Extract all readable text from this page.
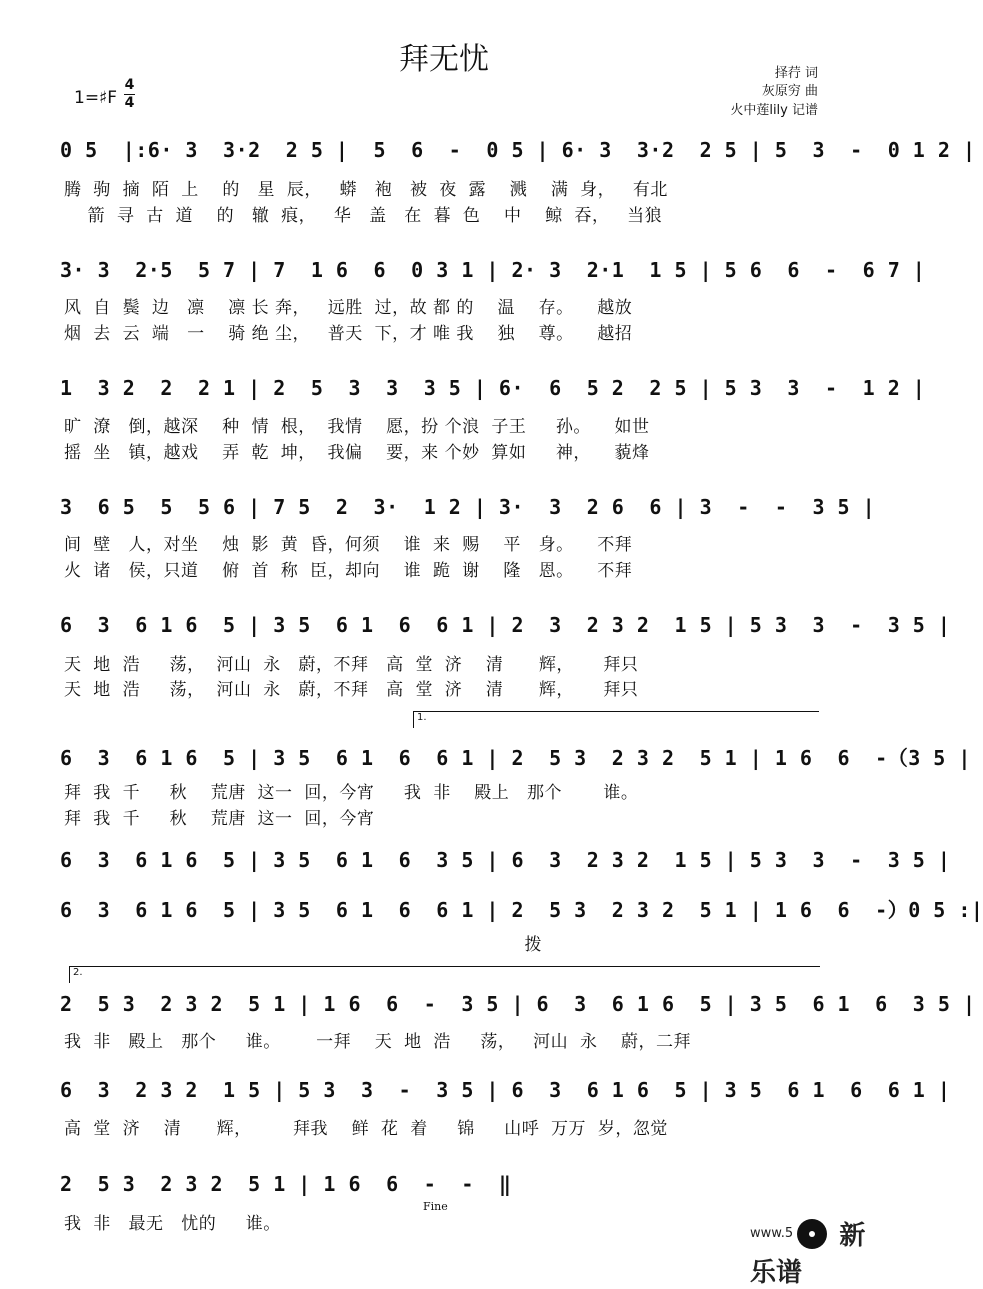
拜无忧	择荇 词
灰原穷 曲
火中莲lily 记谱
1=♯F
4
4
0 5  |:6· 3  3·2  2 5 |  5  6  -  0 5 | 6· 3  3·2  2 5 | 5  3  -  0 1 2 |
腾  驹  摘  陌  上    的   星  辰，   蟒   袍   被  夜  露    溅    满  身，   有北
箭  寻  古  道    的   辙  痕，   华   盖   在  暮  色    中    鲸  吞，   当狼
3· 3  2·5  5 7 | 7  1 6  6  0 3 1 | 2· 3  2·1  1 5 | 5 6  6  -  6 7 |
风  自  鬓  边   凛    凛 长 奔，   远胜  过，故 都 的    温    存。    越放
烟  去  云  端   一    骑 绝 尘，   普天  下，才 唯 我    独    尊。    越招
1  3 2  2  2 1 | 2  5  3  3  3 5 | 6·  6  5 2  2 5 | 5 3  3  -  1 2 |
旷  潦   倒，越深    种  情  根，  我情    愿，扮 个浪  子王     孙。    如世
摇  坐   镇，越戏    弄  乾  坤，  我偏    要，来 个妙  算如     神，    藐烽
3  6 5  5  5 6 | 7 5  2  3·  1 2 | 3·  3  2 6  6 | 3  -  -  3 5 |
间  壁   人，对坐    烛  影  黄  昏，何须    谁  来  赐    平   身。    不拜
火  诸   侯，只道    俯  首  称  臣，却向    谁  跪  谢    隆   恩。    不拜
6  3  6 1 6  5 | 3 5  6 1  6  6 1 | 2  3  2 3 2  1 5 | 5 3  3  -  3 5 |
天  地  浩     荡，  河山  永   蔚，不拜   高  堂  济    清      辉，     拜只
天  地  浩     荡，  河山  永   蔚，不拜   高  堂  济    清      辉，     拜只
1.
6  3  6 1 6  5 | 3 5  6 1  6  6 1 | 2  5 3  2 3 2  5 1 | 1 6  6  -（3 5 |
拜  我  千     秋    荒唐  这一  回，今宵     我  非    殿上   那个       谁。
拜  我  千     秋    荒唐  这一  回，今宵
6  3  6 1 6  5 | 3 5  6 1  6  3 5 | 6  3  2 3 2  1 5 | 5 3  3  -  3 5 |
6  3  6 1 6  5 | 3 5  6 1  6  6 1 | 2  5 3  2 3 2  5 1 | 1 6  6  -）0 5 :|
拨
2.
2  5 3  2 3 2  5 1 | 1 6  6  -  3 5 | 6  3  6 1 6  5 | 3 5  6 1  6  3 5 |
我  非   殿上   那个     谁。      一拜    天  地  浩     荡，   河山  永    蔚，二拜
6  3  2 3 2  1 5 | 5 3  3  -  3 5 | 6  3  6 1 6  5 | 3 5  6 1  6  6 1 |
高  堂  济    清      辉，       拜我    鲜  花  着     锦     山呼  万万  岁，忽觉
2  5 3  2 3 2  5 1 | 1 6  6  -  -  ‖
我  非   最无   忧的     谁。
Fine
www.5 新乐谱
